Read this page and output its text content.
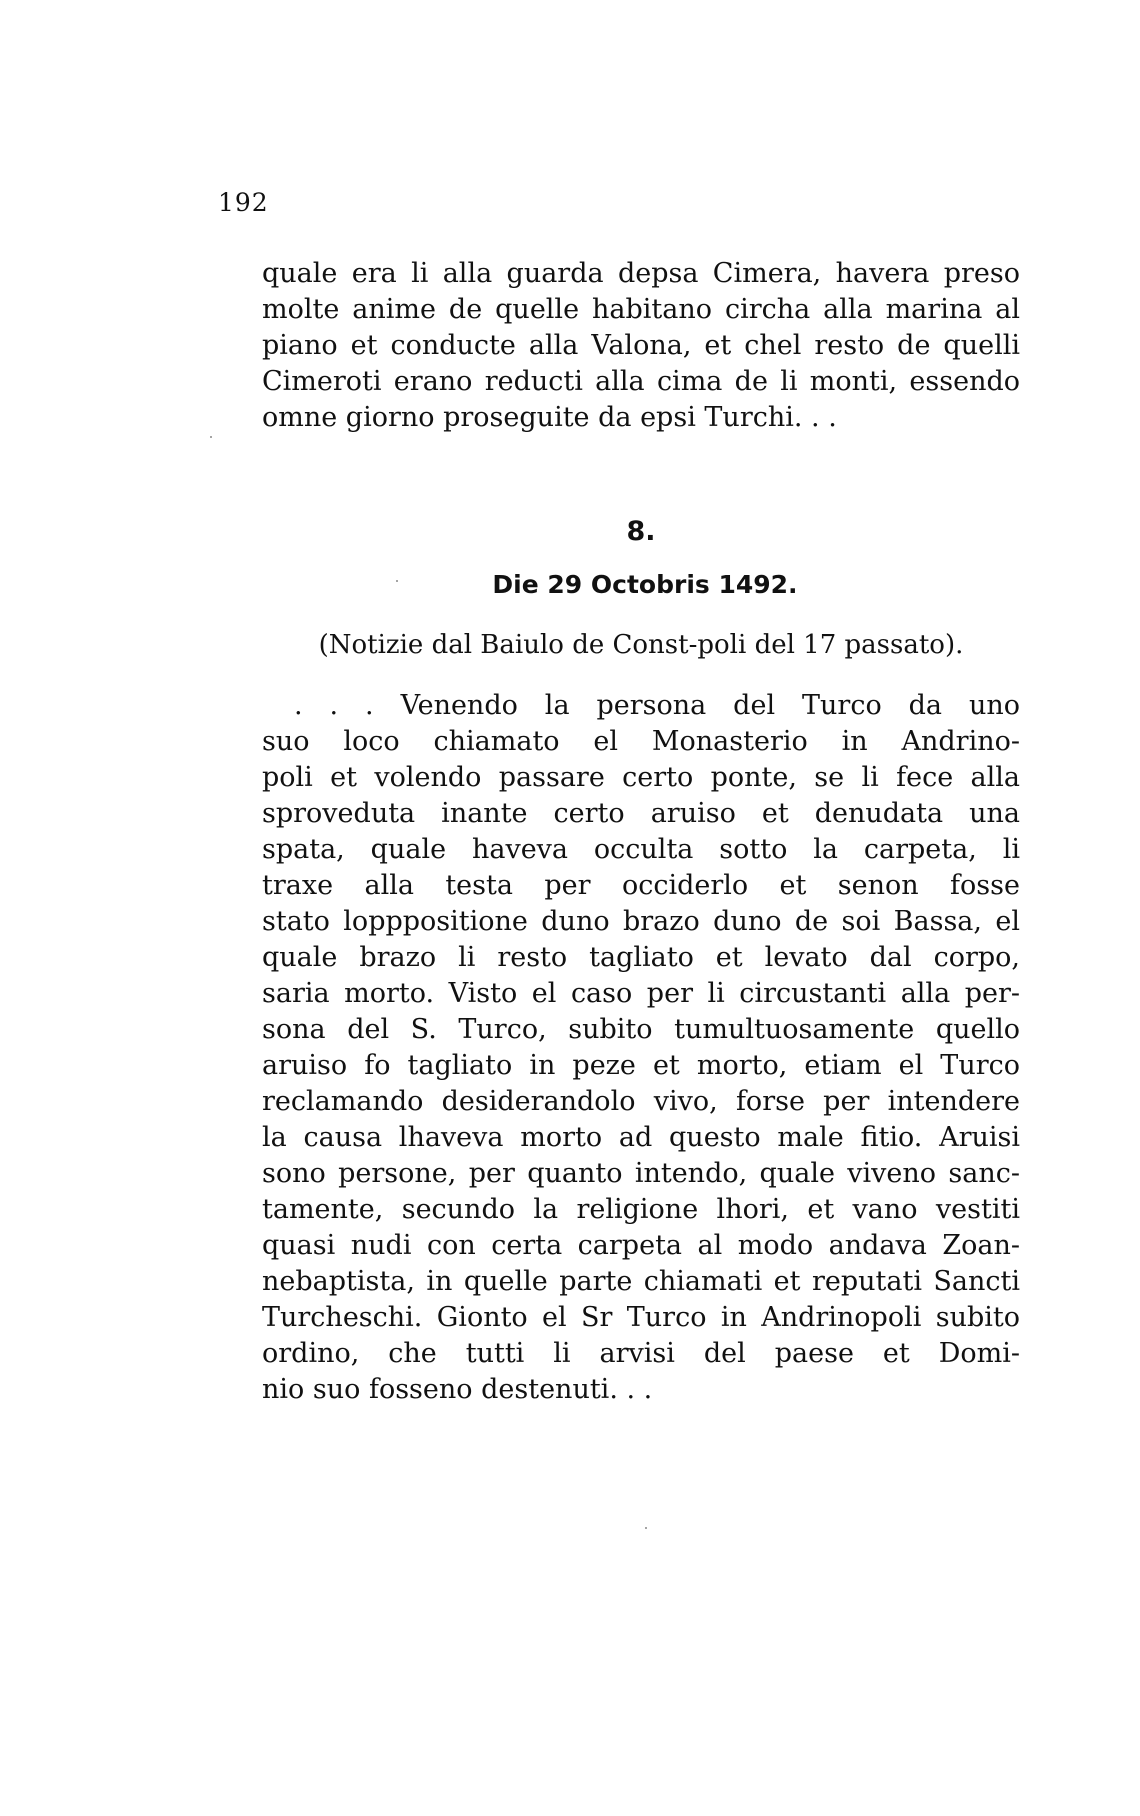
192
quale era li alla guarda depsa Cimera, havera preso
molte anime de quelle habitano circha alla marina al
piano et conducte alla Valona, et chel resto de quelli
Cimeroti erano reducti alla cima de li monti, essendo
omne giorno proseguite da epsi Turchi. . .
8.
Die 29 Octobris 1492.
(Notizie dal Baiulo de Const-poli del 17 passato).
. . . Venendo la persona del Turco da uno
suo loco chiamato el Monasterio in Andrino-
poli et volendo passare certo ponte, se li fece alla
sproveduta inante certo aruiso et denudata una
spata, quale haveva occulta sotto la carpeta, li
traxe alla testa per occiderlo et senon fosse
stato lopppositione duno brazo duno de soi Bassa, el
quale brazo li resto tagliato et levato dal corpo,
saria morto. Visto el caso per li circustanti alla per-
sona del S. Turco, subito tumultuosamente quello
aruiso fo tagliato in peze et morto, etiam el Turco
reclamando desiderandolo vivo, forse per intendere
la causa lhaveva morto ad questo male fitio. Aruisi
sono persone, per quanto intendo, quale viveno sanc-
tamente, secundo la religione lhori, et vano vestiti
quasi nudi con certa carpeta al modo andava Zoan-
nebaptista, in quelle parte chiamati et reputati Sancti
Turcheschi. Gionto el Sr Turco in Andrinopoli subito
ordino, che tutti li arvisi del paese et Domi-
nio suo fosseno destenuti. . .
